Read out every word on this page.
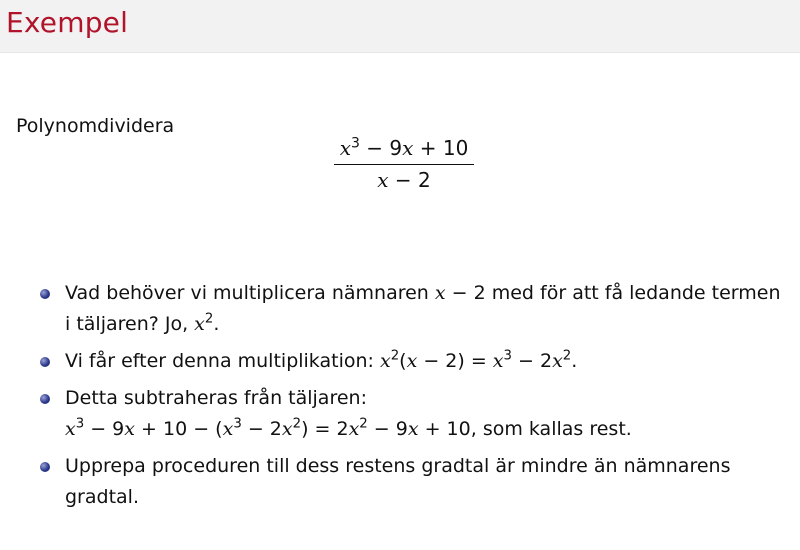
Exempel
Polynomdividera
$x^3 - 9x + 10$
x − 2
Vad behöver vi multiplicera nämnaren x − 2 med för att få ledande termen i täljaren? Jo, $x^2$.
Vi får efter denna multiplikation: $x^2(x - 2) = x^3 - 2x^2$.
Detta subtraheras från täljaren:
$x^3 - 9x + 10 - (x^3 - 2x^2) = 2x^2 - 9x + 10$, som kallas rest.
Upprepa proceduren till dess restens gradtal är mindre än nämnarens gradtal.
